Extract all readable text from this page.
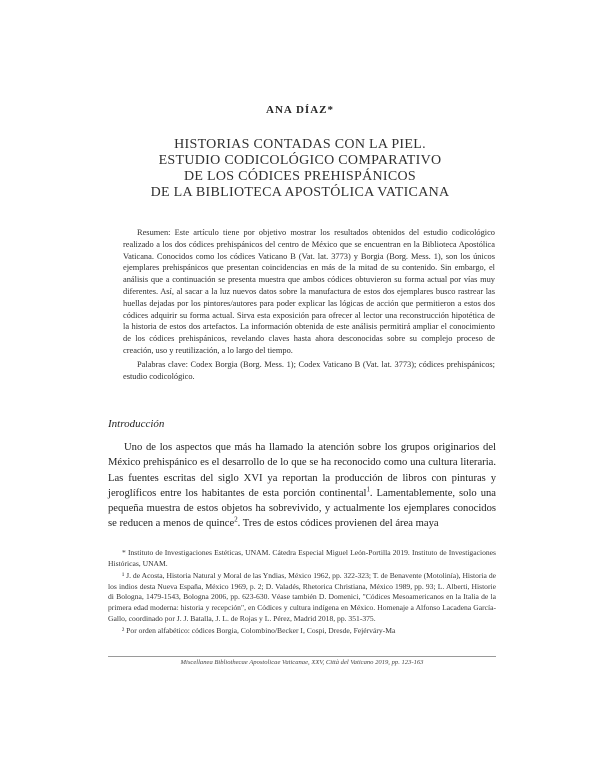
ANA DÍAZ*
HISTORIAS CONTADAS CON LA PIEL.
ESTUDIO CODICOLÓGICO COMPARATIVO
DE LOS CÓDICES PREHISPÁNICOS
DE LA BIBLIOTECA APOSTÓLICA VATICANA

Resumen: Este artículo tiene por objetivo mostrar los resultados obtenidos del estudio codicológico realizado a los dos códices prehispánicos del centro de México que se encuentran en la Biblioteca Apostólica Vaticana. Conocidos como los códices Vaticano B (Vat. lat. 3773) y Borgia (Borg. Mess. 1), son los únicos ejemplares prehispánicos que presentan coincidencias en más de la mitad de su contenido. Sin embargo, el análisis que a continuación se presenta muestra que ambos códices obtuvieron su forma actual por vías muy diferentes. Así, al sacar a la luz nuevos datos sobre la manufactura de estos dos ejemplares busco rastrear las huellas dejadas por los pintores/autores para poder explicar las lógicas de acción que permitieron a estos dos códices adquirir su forma actual. Sirva esta exposición para ofrecer al lector una reconstrucción hipotética de la historia de estos dos artefactos. La información obtenida de este análisis permitirá ampliar el conocimiento de los códices prehispánicos, revelando claves hasta ahora desconocidas sobre su complejo proceso de creación, uso y reutilización, a lo largo del tiempo.

Palabras clave: Codex Borgia (Borg. Mess. 1); Codex Vaticano B (Vat. lat. 3773); códices prehispánicos; estudio codicológico.

Introducción

Uno de los aspectos que más ha llamado la atención sobre los grupos originarios del México prehispánico es el desarrollo de lo que se ha reconocido como una cultura literaria. Las fuentes escritas del siglo XVI ya reportan la producción de libros con pinturas y jeroglíficos entre los habitantes de esta porción continental$^1$. Lamentablemente, solo una pequeña muestra de estos objetos ha sobrevivido, y actualmente los ejemplares conocidos se reducen a menos de quince$^2$. Tres de estos códices provienen del área maya

* Instituto de Investigaciones Estéticas, UNAM. Cátedra Especial Miguel León-Portilla 2019. Instituto de Investigaciones Históricas, UNAM.

¹ J. de Acosta, Historia Natural y Moral de las Yndias, México 1962, pp. 322-323; T. de Benavente (Motolinía), Historia de los indios desta Nueva España, México 1969, p. 2; D. Valadés, Rhetorica Christiana, México 1989, pp. 93; L. Alberti, Historie di Bologna, 1479-1543, Bologna 2006, pp. 623-630. Véase también D. Domenici, "Códices Mesoamericanos en la Italia de la primera edad moderna: historia y recepción", en Códices y cultura indígena en México. Homenaje a Alfonso Lacadena García-Gallo, coordinado por J. J. Batalla, J. L. de Rojas y L. Pérez, Madrid 2018, pp. 351-375.

² Por orden alfabético: códices Borgia, Colombino/Becker I, Cospi, Dresde, Fejérváry-Ma

Miscellanea Bibliothecae Apostolicae Vaticanae, XXV, Città del Vaticano 2019, pp. 123-163
